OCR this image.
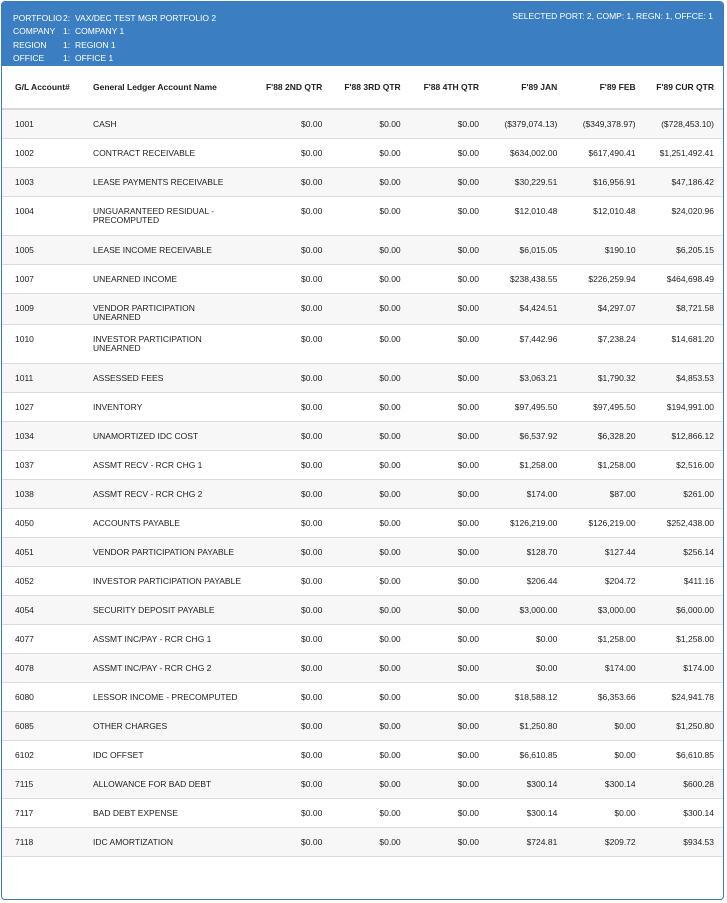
PORTFOLIO 2: VAX/DEC TEST MGR PORTFOLIO 2
COMPANY 1: COMPANY 1
REGION	1: REGION 1
OFFICE	1: OFFICE 1
SELECTED PORT: 2, COMP: 1, REGN: 1, OFFCE: 1
G/L Account#	General Ledger Account Name	F'88 2ND QTR	F'88 3RD QTR	F'88 4TH QTR	F'89 JAN	F'89 FEB	F'89 CUR QTR
1001	CASH	$0.00	$0.00	$0.00	($379,074.13)	($349,378.97)	($728,453.10)
1002	CONTRACT RECEIVABLE	$0.00	$0.00	$0.00	$634,002.00	$617,490.41	$1,251,492.41
1003	LEASE PAYMENTS RECEIVABLE	$0.00	$0.00	$0.00	$30,229.51	$16,956.91	$47,186.42
1004	UNGUARANTEED RESIDUAL - PRECOMPUTED	$0.00	$0.00	$0.00	$12,010.48	$12,010.48	$24,020.96
1005	LEASE INCOME RECEIVABLE	$0.00	$0.00	$0.00	$6,015.05	$190.10	$6,205.15
1007	UNEARNED INCOME	$0.00	$0.00	$0.00	$238,438.55	$226,259.94	$464,698.49
1009	VENDOR PARTICIPATION UNEARNED	$0.00	$0.00	$0.00	$4,424.51	$4,297.07	$8,721.58
1010	INVESTOR PARTICIPATION UNEARNED	$0.00	$0.00	$0.00	$7,442.96	$7,238.24	$14,681.20
1011	ASSESSED FEES	$0.00	$0.00	$0.00	$3,063.21	$1,790.32	$4,853.53
1027	INVENTORY	$0.00	$0.00	$0.00	$97,495.50	$97,495.50	$194,991.00
1034	UNAMORTIZED IDC COST	$0.00	$0.00	$0.00	$6,537.92	$6,328.20	$12,866.12
1037	ASSMT RECV - RCR CHG 1	$0.00	$0.00	$0.00	$1,258.00	$1,258.00	$2,516.00
1038	ASSMT RECV - RCR CHG 2	$0.00	$0.00	$0.00	$174.00	$87.00	$261.00
4050	ACCOUNTS PAYABLE	$0.00	$0.00	$0.00	$126,219.00	$126,219.00	$252,438.00
4051	VENDOR PARTICIPATION PAYABLE	$0.00	$0.00	$0.00	$128.70	$127.44	$256.14
4052	INVESTOR PARTICIPATION PAYABLE	$0.00	$0.00	$0.00	$206.44	$204.72	$411.16
4054	SECURITY DEPOSIT PAYABLE	$0.00	$0.00	$0.00	$3,000.00	$3,000.00	$6,000.00
4077	ASSMT INC/PAY - RCR CHG 1	$0.00	$0.00	$0.00	$0.00	$1,258.00	$1,258.00
4078	ASSMT INC/PAY - RCR CHG 2	$0.00	$0.00	$0.00	$0.00	$174.00	$174.00
6080	LESSOR INCOME - PRECOMPUTED	$0.00	$0.00	$0.00	$18,588.12	$6,353.66	$24,941.78
6085	OTHER CHARGES	$0.00	$0.00	$0.00	$1,250.80	$0.00	$1,250.80
6102	IDC OFFSET	$0.00	$0.00	$0.00	$6,610.85	$0.00	$6,610.85
7115	ALLOWANCE FOR BAD DEBT	$0.00	$0.00	$0.00	$300.14	$300.14	$600.28
7117	BAD DEBT EXPENSE	$0.00	$0.00	$0.00	$300.14	$0.00	$300.14
7118	IDC AMORTIZATION	$0.00	$0.00	$0.00	$724.81	$209.72	$934.53
